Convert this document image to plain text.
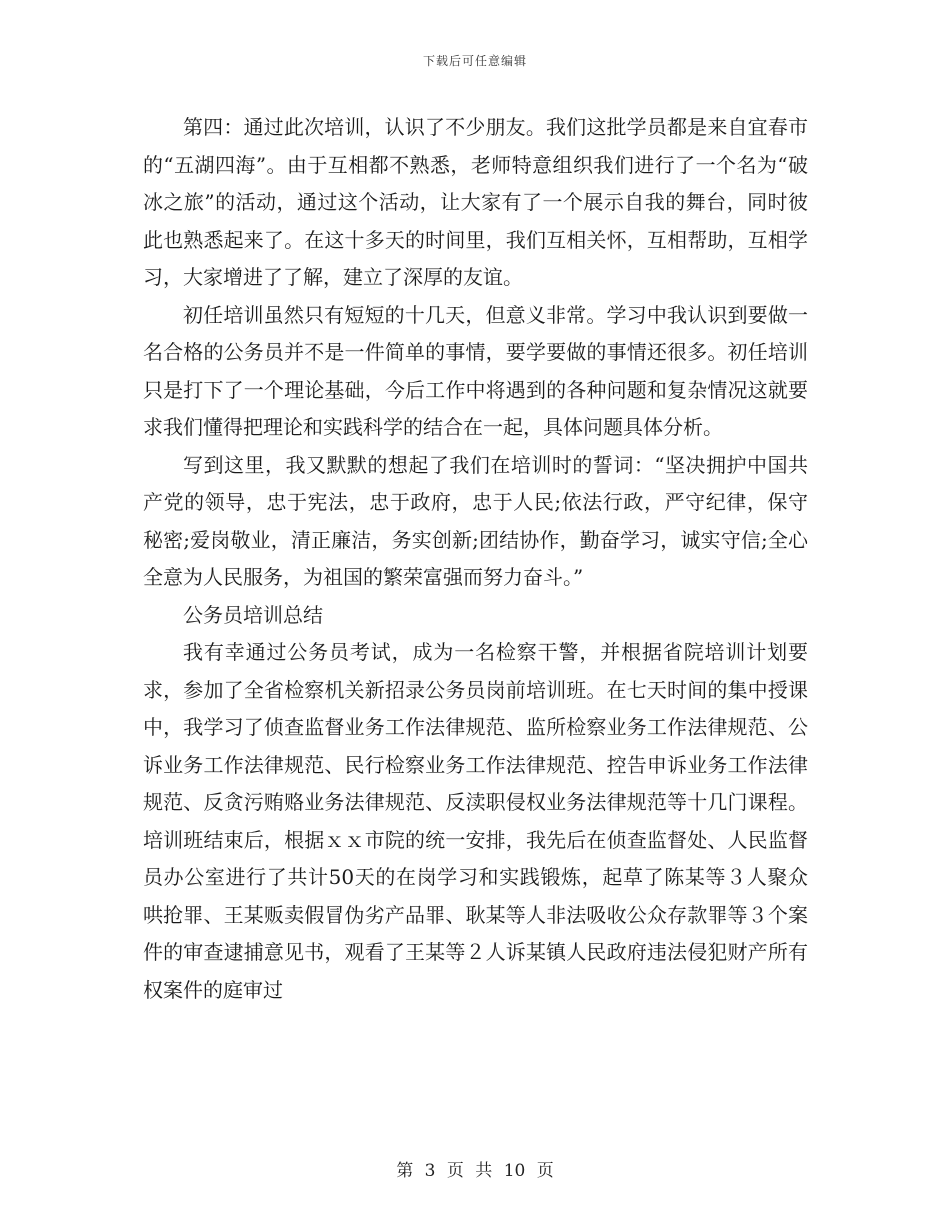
下载后可任意编辑

第四：通过此次培训，认识了不少朋友。我们这批学员都是来自宜春市的“五湖四海”。由于互相都不熟悉，老师特意组织我们进行了一个名为“破冰之旅”的活动，通过这个活动，让大家有了一个展示自我的舞台，同时彼此也熟悉起来了。在这十多天的时间里，我们互相关怀，互相帮助，互相学习，大家增进了了解，建立了深厚的友谊。

初任培训虽然只有短短的十几天，但意义非常。学习中我认识到要做一名合格的公务员并不是一件简单的事情，要学要做的事情还很多。初任培训只是打下了一个理论基础，今后工作中将遇到的各种问题和复杂情况这就要求我们懂得把理论和实践科学的结合在一起，具体问题具体分析。

写到这里，我又默默的想起了我们在培训时的誓词：“坚决拥护中国共产党的领导，忠于宪法，忠于政府，忠于人民;依法行政，严守纪律，保守秘密;爱岗敬业，清正廉洁，务实创新;团结协作，勤奋学习，诚实守信;全心全意为人民服务，为祖国的繁荣富强而努力奋斗。”

公务员培训总结

我有幸通过公务员考试，成为一名检察干警，并根据省院培训计划要求，参加了全省检察机关新招录公务员岗前培训班。在七天时间的集中授课中，我学习了侦查监督业务工作法律规范、监所检察业务工作法律规范、公诉业务工作法律规范、民行检察业务工作法律规范、控告申诉业务工作法律规范、反贪污贿赂业务法律规范、反渎职侵权业务法律规范等十几门课程。培训班结束后，根据ｘｘ市院的统一安排，我先后在侦查监督处、人民监督员办公室进行了共计50天的在岗学习和实践锻炼，起草了陈某等３人聚众哄抢罪、王某贩卖假冒伪劣产品罪、耿某等人非法吸收公众存款罪等３个案件的审查逮捕意见书，观看了王某等２人诉某镇人民政府违法侵犯财产所有权案件的庭审过

第 3 页 共 10 页
